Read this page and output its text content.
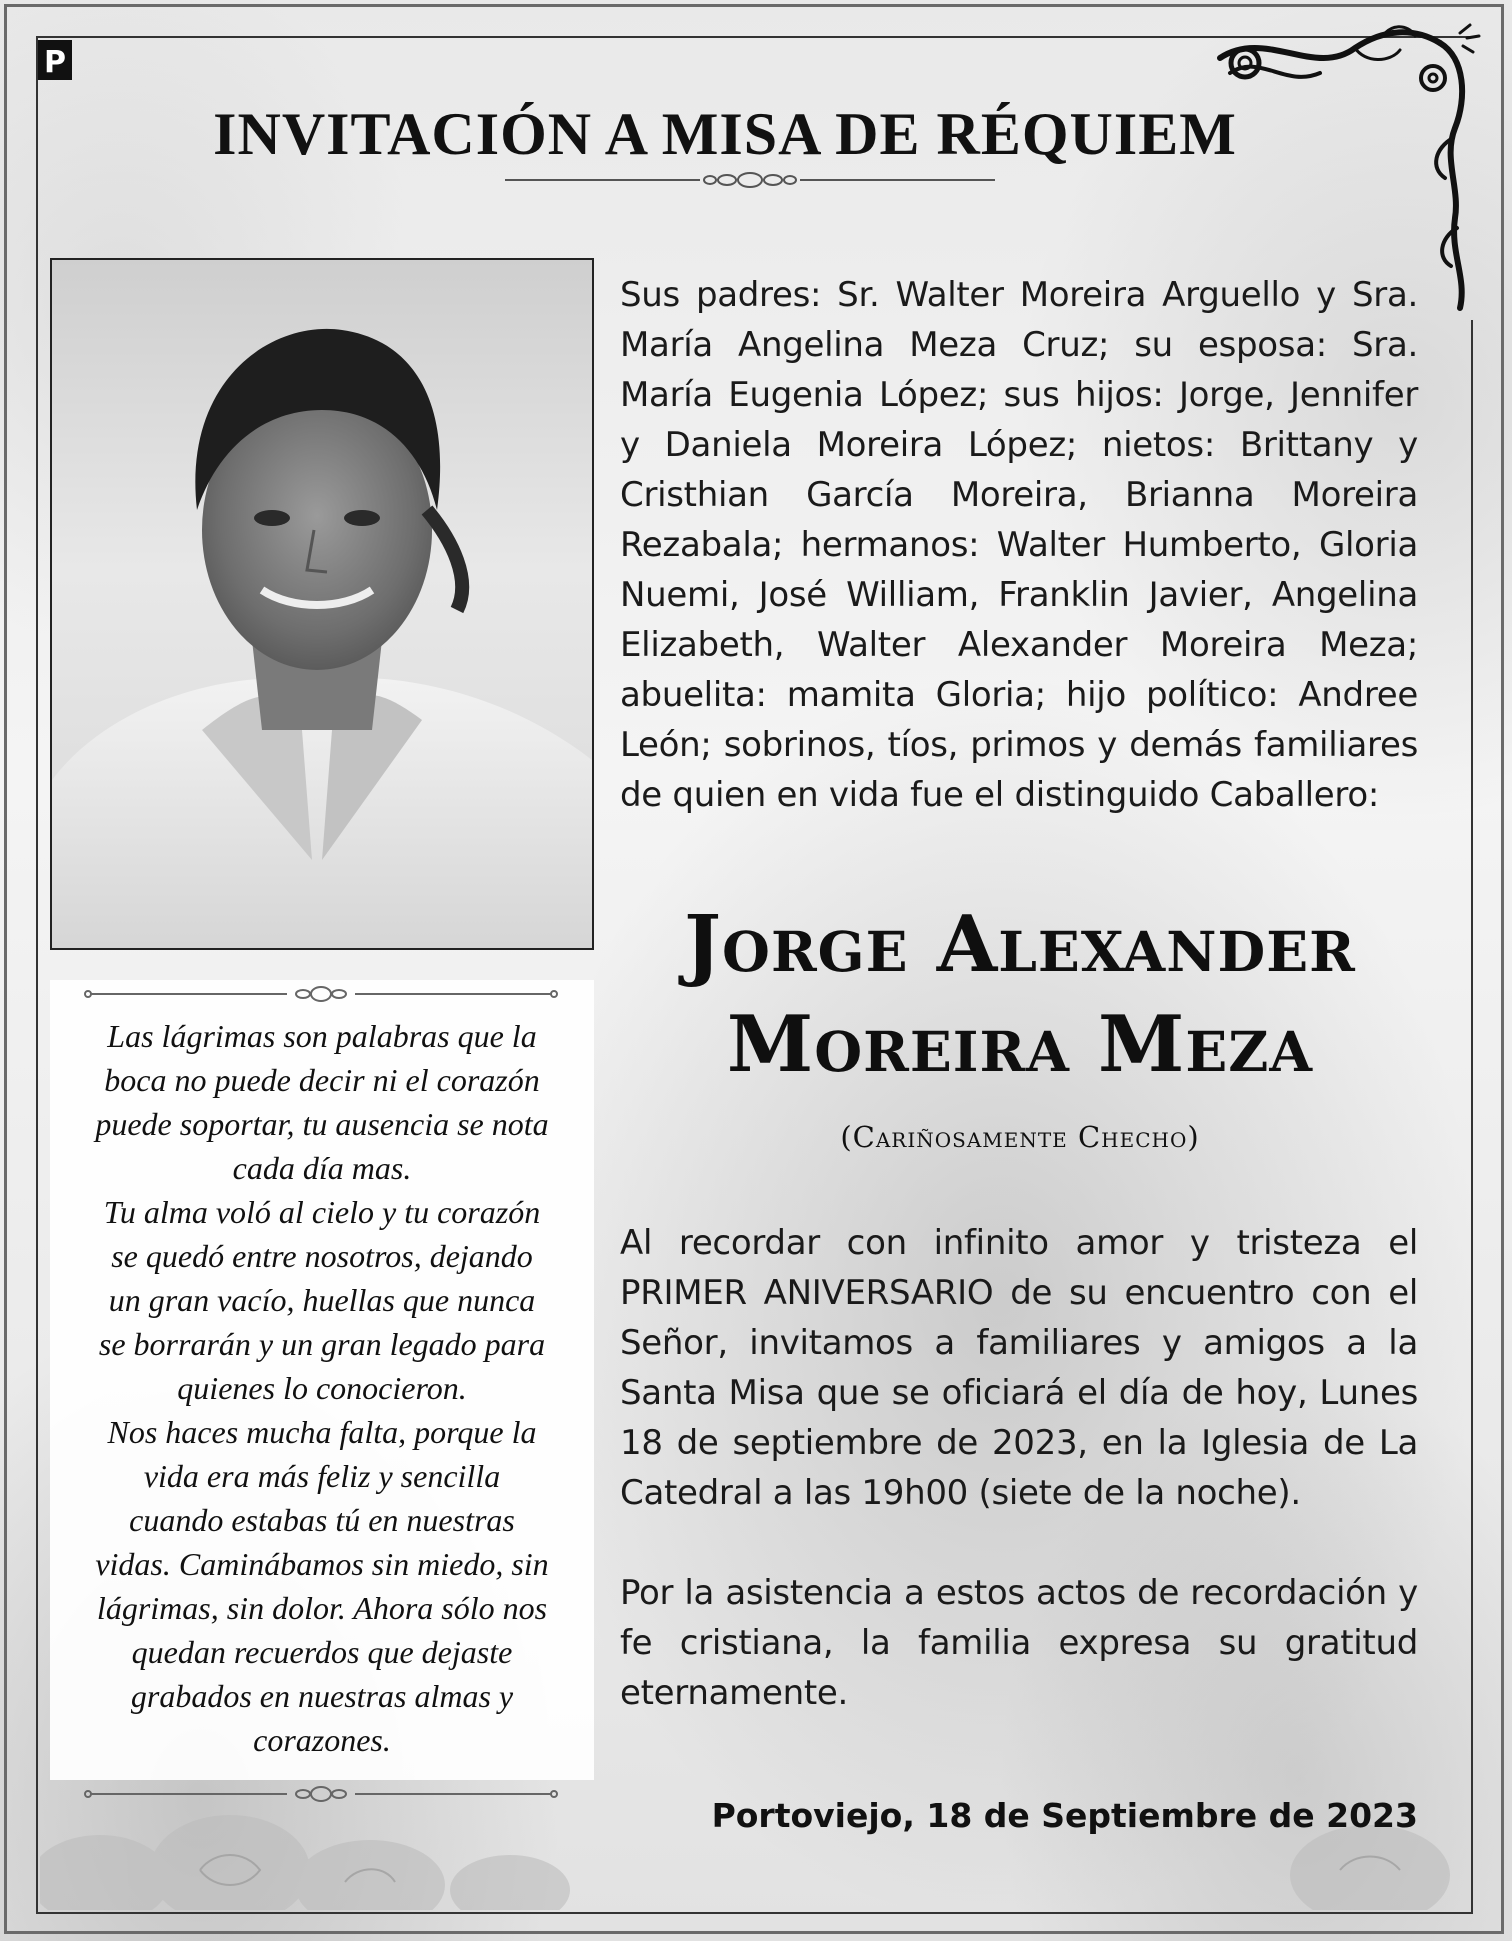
P
INVITACIÓN A MISA DE RÉQUIEM

Las lágrimas son palabras que la
boca no puede decir ni el corazón
puede soportar, tu ausencia se nota
cada día mas.
Tu alma voló al cielo y tu corazón
se quedó entre nosotros, dejando
un gran vacío, huellas que nunca
se borrarán y un gran legado para
quienes lo conocieron.
Nos haces mucha falta, porque la
vida era más feliz y sencilla
cuando estabas tú en nuestras
vidas. Caminábamos sin miedo, sin
lágrimas, sin dolor. Ahora sólo nos
quedan recuerdos que dejaste
grabados en nuestras almas y
corazones.

Sus padres: Sr. Walter Moreira Arguello y Sra. María Angelina Meza Cruz; su esposa: Sra. María Eugenia López; sus hijos: Jorge, Jennifer y Daniela Moreira López; nietos: Brittany y Cristhian García Moreira, Brianna Moreira Rezabala; hermanos: Walter Humberto, Gloria Nuemi, José William, Franklin Javier, Angelina Elizabeth, Walter Alexander Moreira Meza; abuelita: mamita Gloria; hijo político: Andree León; sobrinos, tíos, primos y demás familiares de quien en vida fue el distinguido Caballero:

Jorge Alexander
Moreira Meza

(Cariñosamente Checho)

Al recordar con infinito amor y tristeza el PRIMER ANIVERSARIO de su encuentro con el Señor, invitamos a familiares y amigos a la Santa Misa que se oficiará el día de hoy, Lunes 18 de septiembre de 2023, en la Iglesia de La Catedral a las 19h00 (siete de la noche).

Por la asistencia a estos actos de recordación y fe cristiana, la familia expresa su gratitud eternamente.

Portoviejo, 18 de Septiembre de 2023
